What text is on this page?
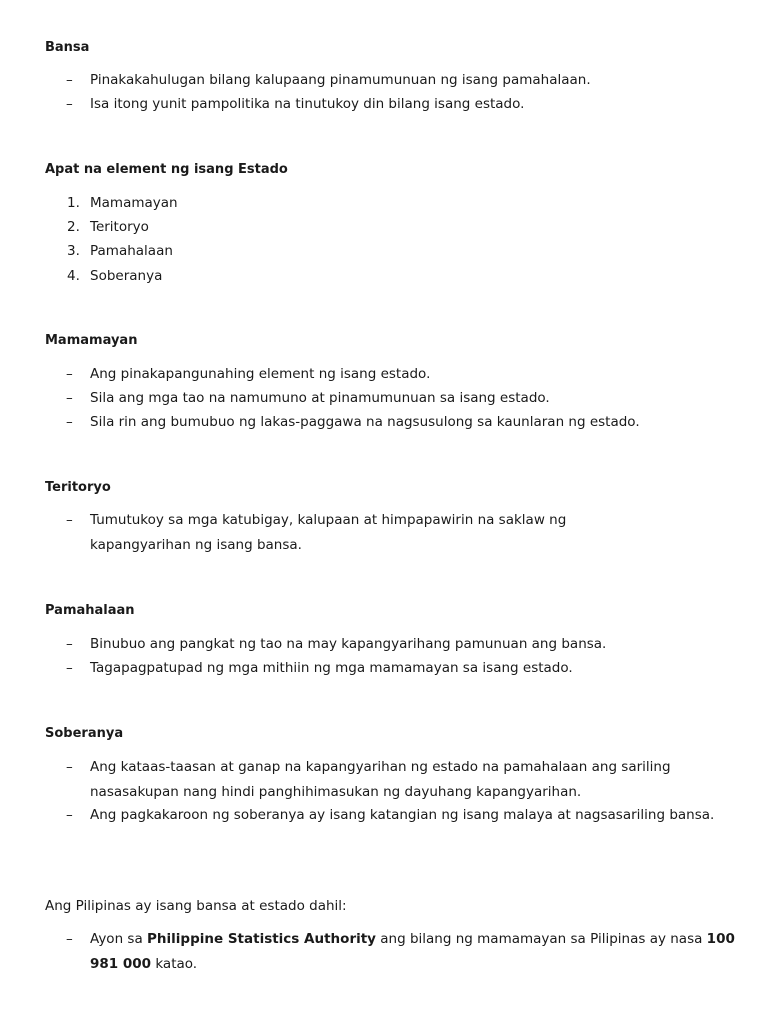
Bansa
– Pinakakahulugan bilang kalupaang pinamumunuan ng isang pamahalaan.
– Isa itong yunit pampolitika na tinutukoy din bilang isang estado.
Apat na element ng isang Estado
1. Mamamayan
2. Teritoryo
3. Pamahalaan
4. Soberanya
Mamamayan
– Ang pinakapangunahing element ng isang estado.
– Sila ang mga tao na namumuno at pinamumunuan sa isang estado.
– Sila rin ang bumubuo ng lakas-paggawa na nagsusulong sa kaunlaran ng estado.
Teritoryo
– Tumutukoy sa mga katubigay, kalupaan at himpapawirin na saklaw ng kapangyarihan ng isang bansa.
Pamahalaan
– Binubuo ang pangkat ng tao na may kapangyarihang pamunuan ang bansa.
– Tagapagpatupad ng mga mithiin ng mga mamamayan sa isang estado.
Soberanya
– Ang kataas-taasan at ganap na kapangyarihan ng estado na pamahalaan ang sariling nasasakupan nang hindi panghihimasukan ng dayuhang kapangyarihan.
– Ang pagkakaroon ng soberanya ay isang katangian ng isang malaya at nagsasariling bansa.
Ang Pilipinas ay isang bansa at estado dahil:
– Ayon sa Philippine Statistics Authority ang bilang ng mamamayan sa Pilipinas ay nasa 100 981 000 katao.
